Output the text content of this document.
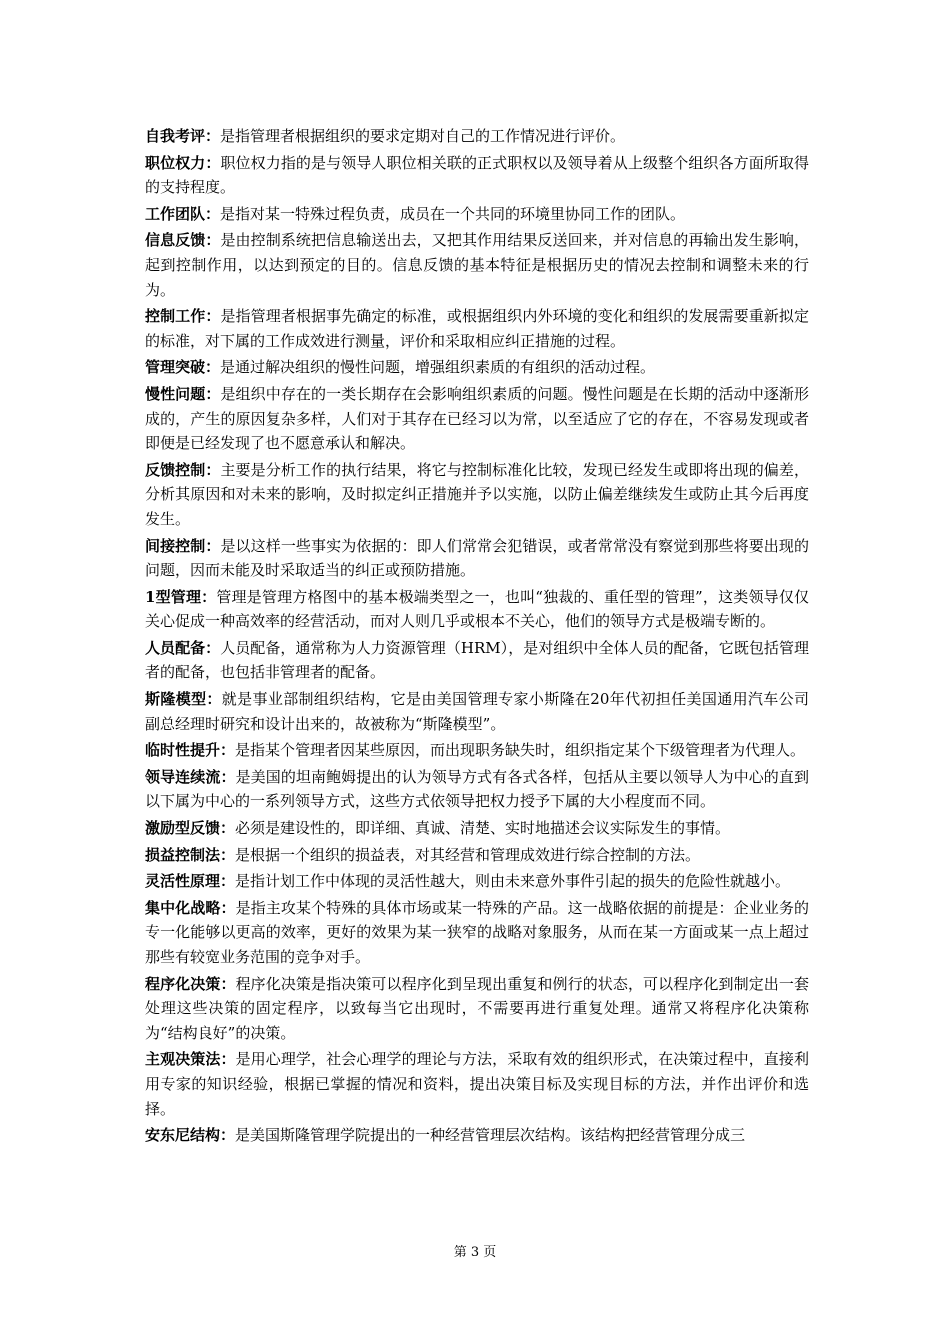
自我考评：是指管理者根据组织的要求定期对自己的工作情况进行评价。

职位权力：职位权力指的是与领导人职位相关联的正式职权以及领导着从上级整个组织各方面所取得的支持程度。

工作团队：是指对某一特殊过程负责，成员在一个共同的环境里协同工作的团队。

信息反馈：是由控制系统把信息输送出去，又把其作用结果反送回来，并对信息的再输出发生影响，起到控制作用，以达到预定的目的。信息反馈的基本特征是根据历史的情况去控制和调整未来的行为。

控制工作：是指管理者根据事先确定的标准，或根据组织内外环境的变化和组织的发展需要重新拟定的标准，对下属的工作成效进行测量，评价和采取相应纠正措施的过程。

管理突破：是通过解决组织的慢性问题，增强组织素质的有组织的活动过程。

慢性问题：是组织中存在的一类长期存在会影响组织素质的问题。慢性问题是在长期的活动中逐渐形成的，产生的原因复杂多样，人们对于其存在已经习以为常，以至适应了它的存在，不容易发现或者即便是已经发现了也不愿意承认和解决。

反馈控制：主要是分析工作的执行结果，将它与控制标准化比较，发现已经发生或即将出现的偏差，分析其原因和对未来的影响，及时拟定纠正措施并予以实施，以防止偏差继续发生或防止其今后再度发生。

间接控制：是以这样一些事实为依据的：即人们常常会犯错误，或者常常没有察觉到那些将要出现的问题，因而未能及时采取适当的纠正或预防措施。

1型管理：管理是管理方格图中的基本极端类型之一，也叫“独裁的、重任型的管理”，这类领导仅仅关心促成一种高效率的经营活动，而对人则几乎或根本不关心，他们的领导方式是极端专断的。

人员配备：人员配备，通常称为人力资源管理（HRM），是对组织中全体人员的配备，它既包括管理者的配备，也包括非管理者的配备。

斯隆模型：就是事业部制组织结构，它是由美国管理专家小斯隆在20年代初担任美国通用汽车公司副总经理时研究和设计出来的，故被称为“斯隆模型”。

临时性提升：是指某个管理者因某些原因，而出现职务缺失时，组织指定某个下级管理者为代理人。

领导连续流：是美国的坦南鲍姆提出的认为领导方式有各式各样，包括从主要以领导人为中心的直到以下属为中心的一系列领导方式，这些方式依领导把权力授予下属的大小程度而不同。

激励型反馈：必须是建设性的，即详细、真诚、清楚、实时地描述会议实际发生的事情。

损益控制法：是根据一个组织的损益表，对其经营和管理成效进行综合控制的方法。

灵活性原理：是指计划工作中体现的灵活性越大，则由未来意外事件引起的损失的危险性就越小。

集中化战略：是指主攻某个特殊的具体市场或某一特殊的产品。这一战略依据的前提是：企业业务的专一化能够以更高的效率，更好的效果为某一狭窄的战略对象服务，从而在某一方面或某一点上超过那些有较宽业务范围的竞争对手。

程序化决策：程序化决策是指决策可以程序化到呈现出重复和例行的状态，可以程序化到制定出一套处理这些决策的固定程序，以致每当它出现时，不需要再进行重复处理。通常又将程序化决策称为“结构良好”的决策。

主观决策法：是用心理学，社会心理学的理论与方法，采取有效的组织形式，在决策过程中，直接利用专家的知识经验，根据已掌握的情况和资料，提出决策目标及实现目标的方法，并作出评价和选择。

安东尼结构：是美国斯隆管理学院提出的一种经营管理层次结构。该结构把经营管理分成三

第 3 页
